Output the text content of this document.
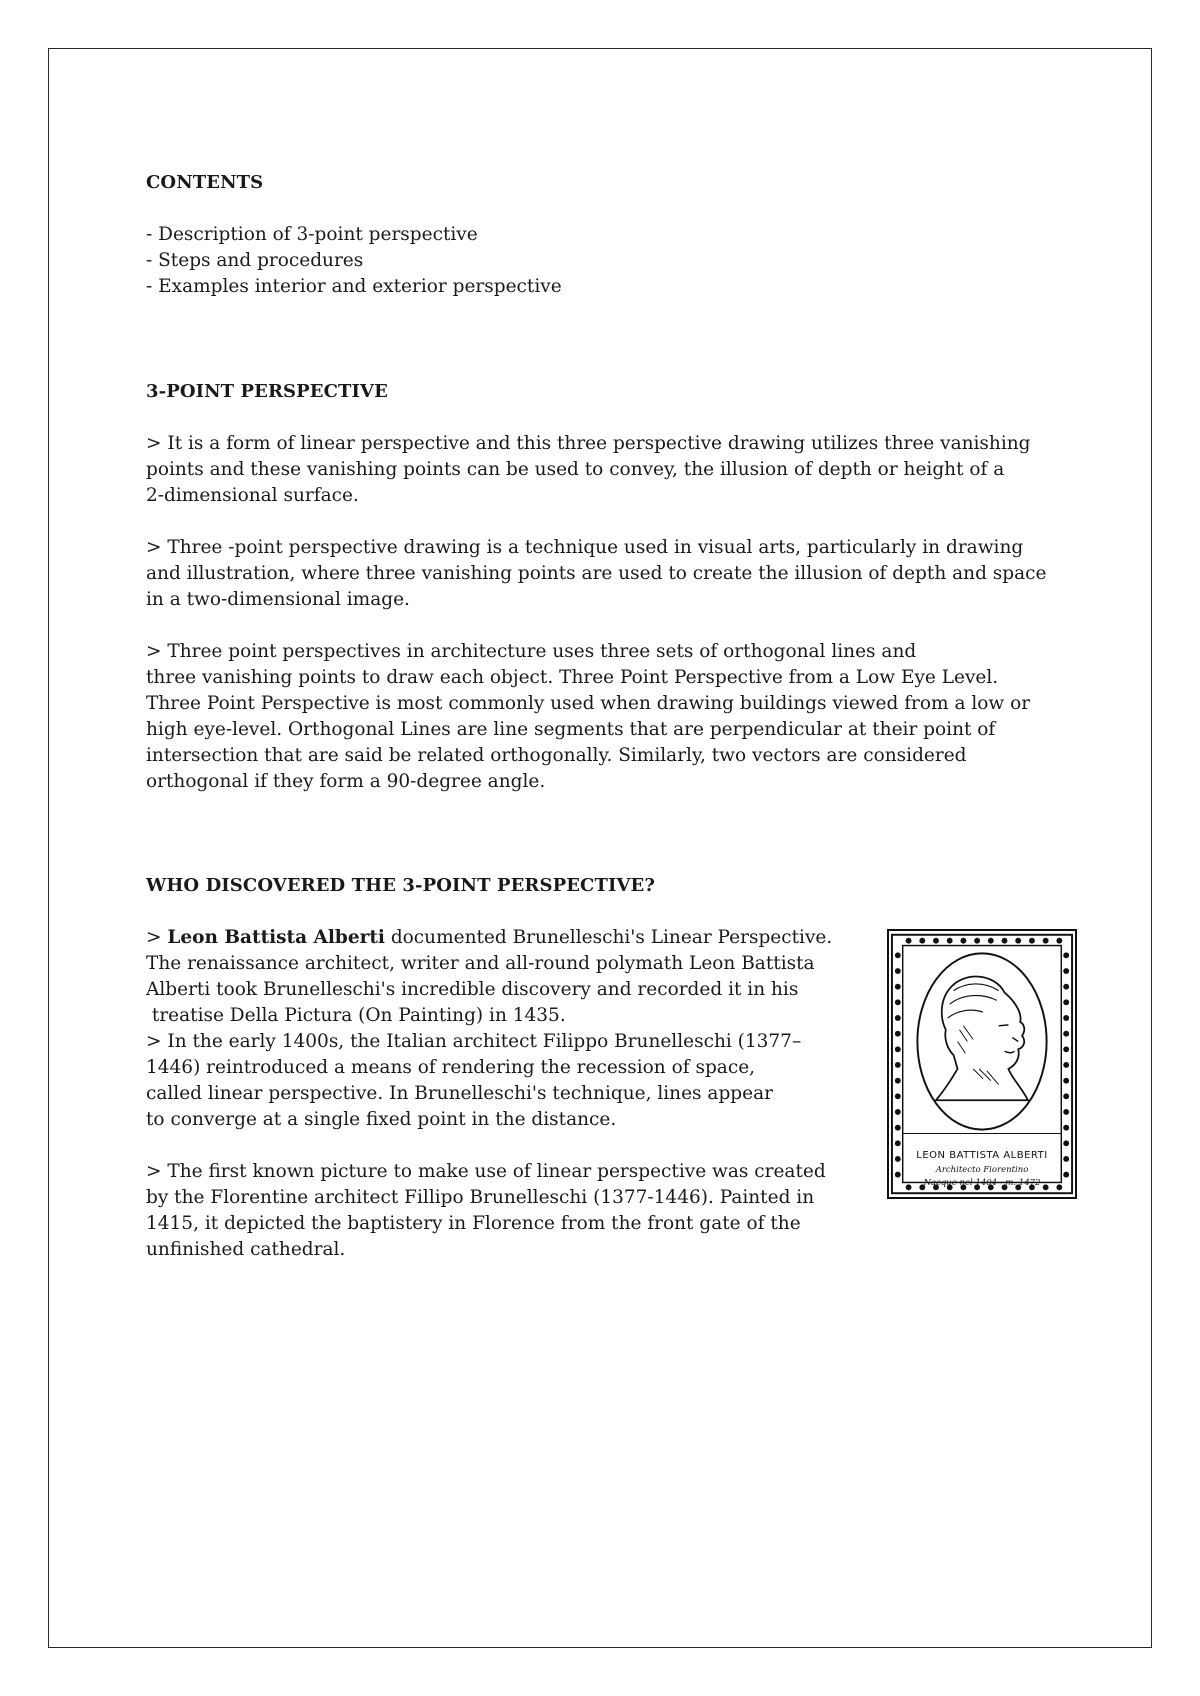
CONTENTS

- Description of 3-point perspective
- Steps and procedures
- Examples interior and exterior perspective

3-POINT PERSPECTIVE

> It is a form of linear perspective and this three perspective drawing utilizes three vanishing
points and these vanishing points can be used to convey, the illusion of depth or height of a
2-dimensional surface.
> Three -point perspective drawing is a technique used in visual arts, particularly in drawing
and illustration, where three vanishing points are used to create the illusion of depth and space
in a two-dimensional image.
> Three point perspectives in architecture uses three sets of orthogonal lines and
three vanishing points to draw each object. Three Point Perspective from a Low Eye Level.
Three Point Perspective is most commonly used when drawing buildings viewed from a low or
high eye-level. Orthogonal Lines are line segments that are perpendicular at their point of
intersection that are said be related orthogonally. Similarly, two vectors are considered
orthogonal if they form a 90-degree angle.

WHO DISCOVERED THE 3-POINT PERSPECTIVE?

> Leon Battista Alberti documented Brunelleschi's Linear Perspective.
The renaissance architect, writer and all-round polymath Leon Battista
Alberti took Brunelleschi's incredible discovery and recorded it in his
treatise Della Pictura (On Painting) in 1435.
> In the early 1400s, the Italian architect Filippo Brunelleschi (1377–
1446) reintroduced a means of rendering the recession of space,
called linear perspective. In Brunelleschi's technique, lines appear
to converge at a single fixed point in the distance.
> The first known picture to make use of linear perspective was created
by the Florentine architect Fillipo Brunelleschi (1377-1446). Painted in
1415, it depicted the baptistery in Florence from the front gate of the
unfinished cathedral.
LEON BATTISTA ALBERTI
Architecto Fiorentino
Nacque nel 1404 - m. 1472
